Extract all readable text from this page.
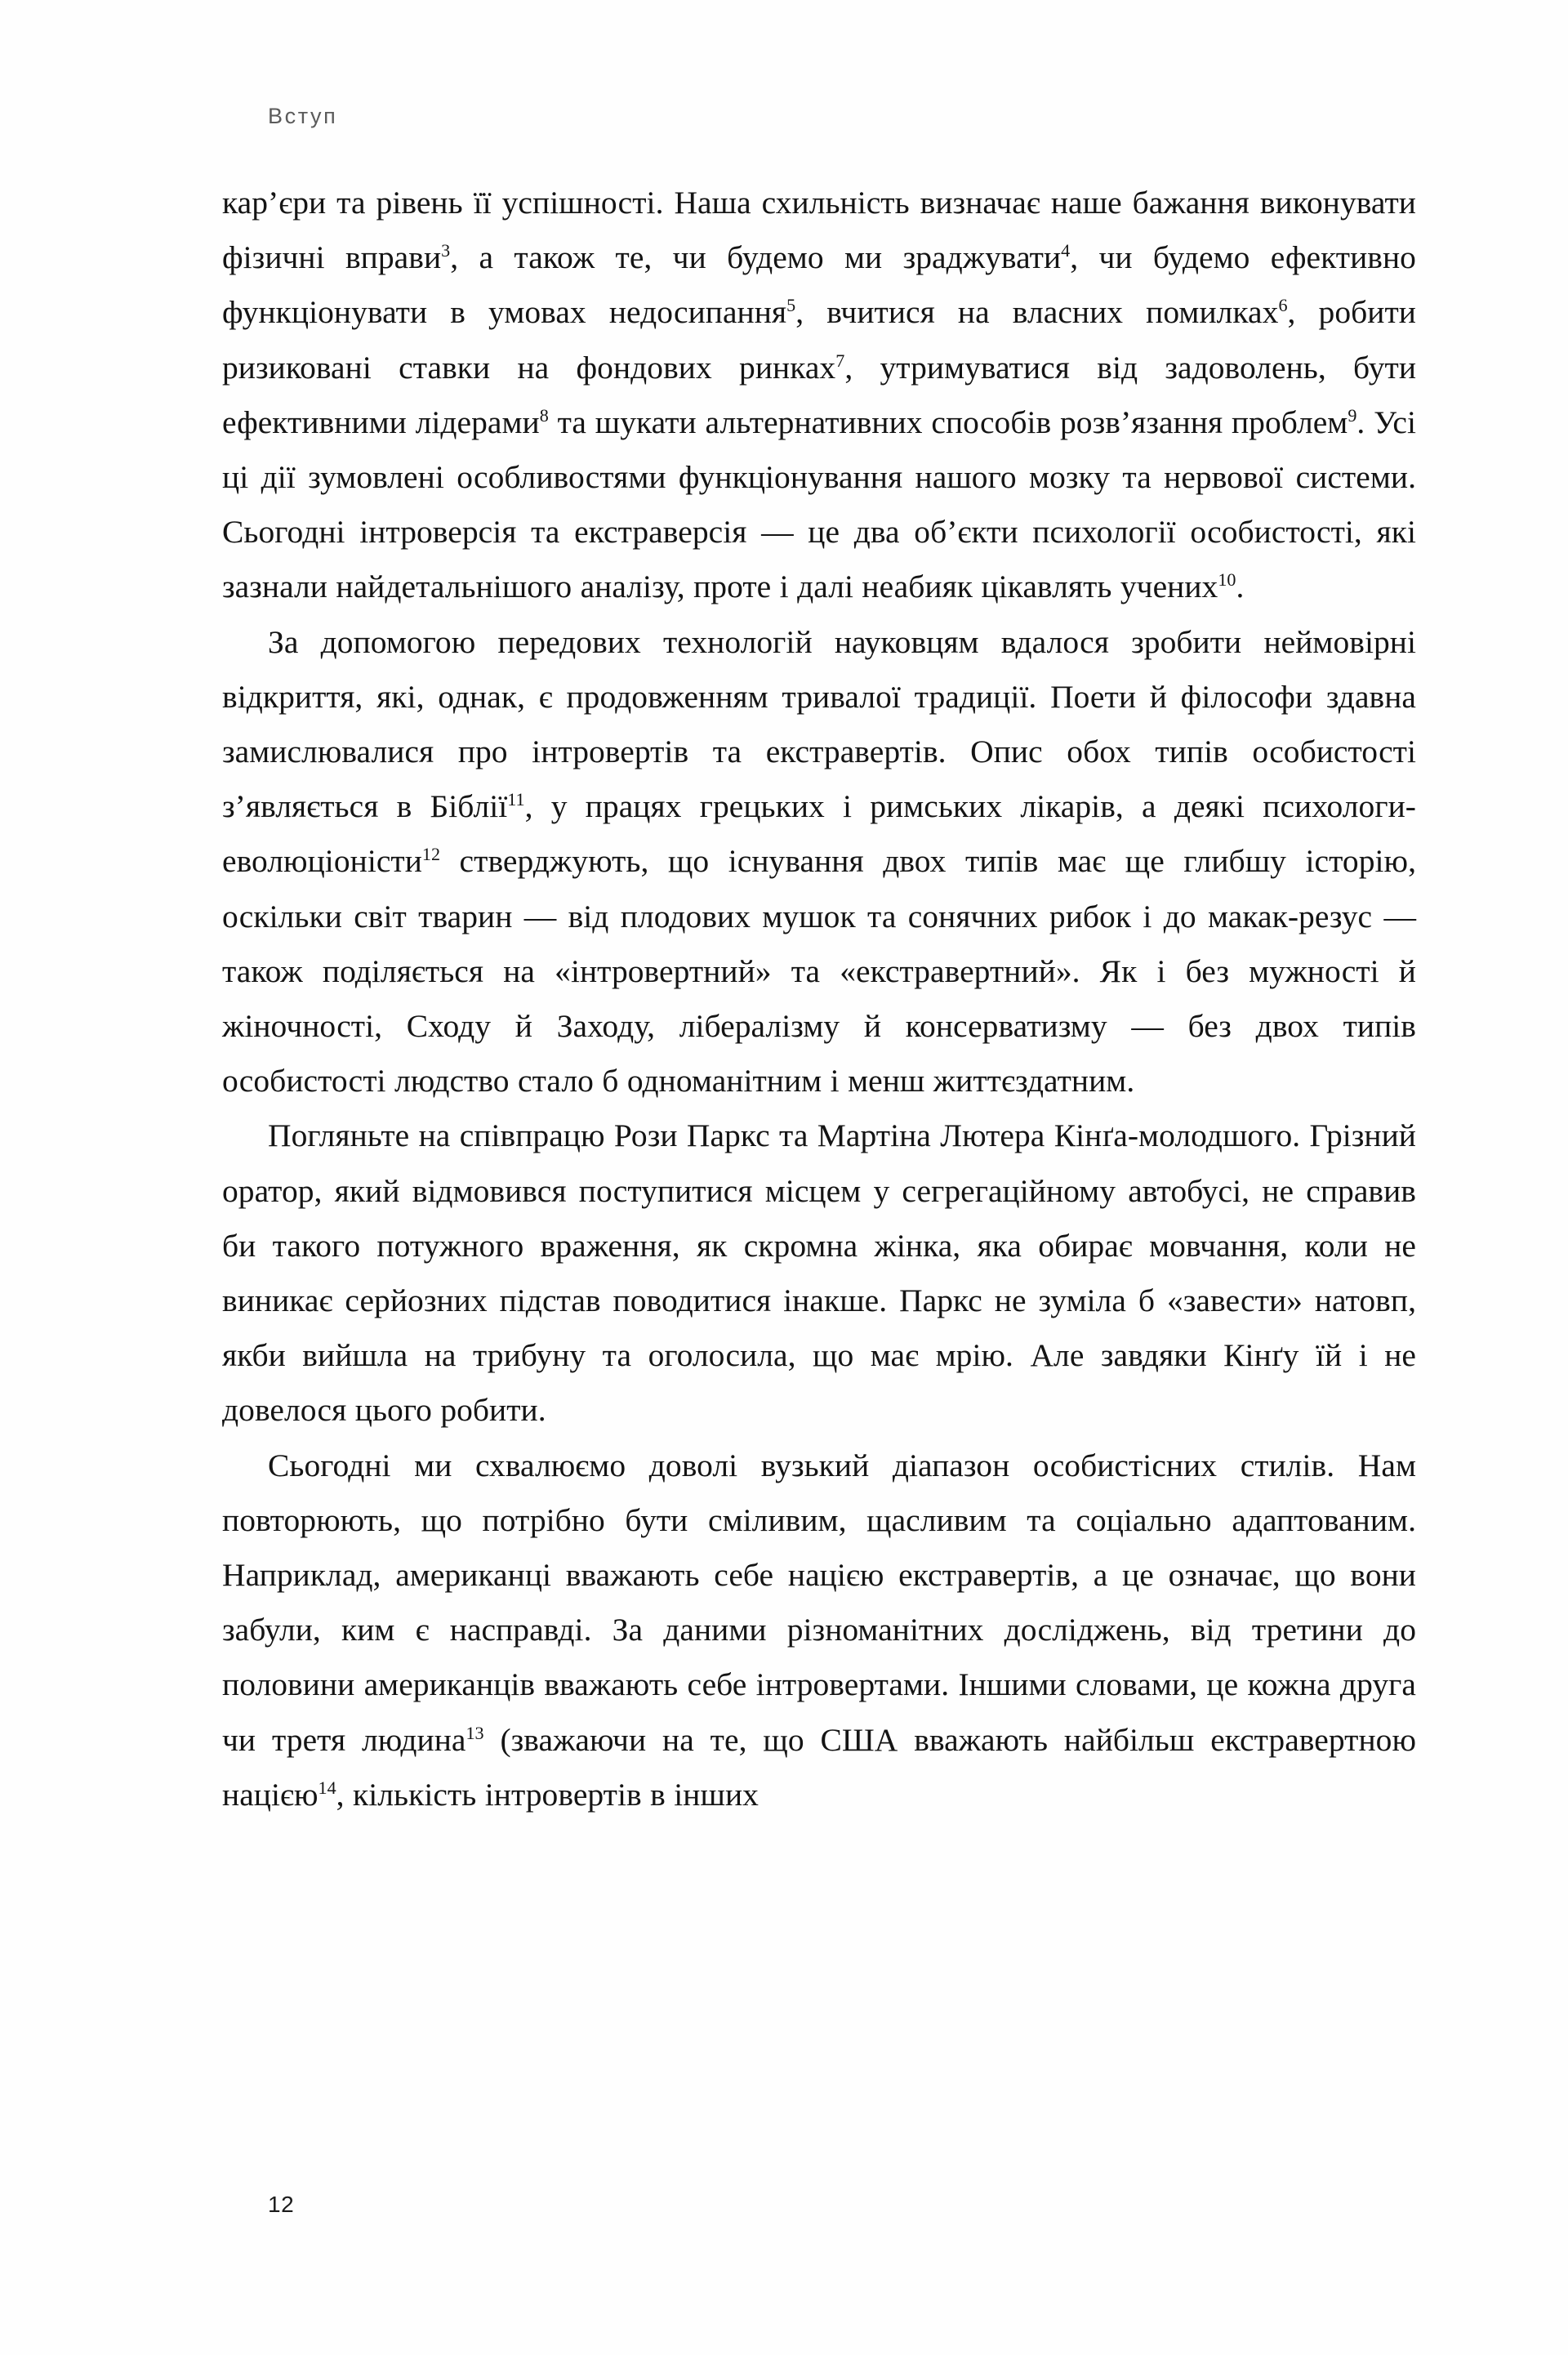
Вступ

кар’єри та рівень її успішності. Наша схильність визначає наше бажання виконувати фізичні вправи$^3$, а також те, чи будемо ми зраджувати$^4$, чи будемо ефективно функціонувати в умовах недосипання$^5$, вчитися на власних помилках$^6$, робити ризиковані ставки на фондових ринках$^7$, утримуватися від задоволень, бути ефективними лідерами$^8$ та шукати альтернативних способів розв’язання проблем$^9$. Усі ці дії зумовлені особливостями функціонування нашого мозку та нервової системи. Сьогодні інтроверсія та екстраверсія — це два об’єкти психології особистості, які зазнали найдетальнішого аналізу, проте і далі неабияк цікавлять учених$^{10}$.

За допомогою передових технологій науковцям вдалося зробити неймовірні відкриття, які, однак, є продовженням тривалої традиції. Поети й філософи здавна замислювалися про інтровертів та екстравертів. Опис обох типів особистості з’являється в Біблії$^{11}$, у працях грецьких і римських лікарів, а деякі психологи-еволюціоністи$^{12}$ стверджують, що існування двох типів має ще глибшу історію, оскільки світ тварин — від плодових мушок та сонячних рибок і до макак-резус — також поділяється на «інтровертний» та «екстравертний». Як і без мужності й жіночності, Сходу й Заходу, лібералізму й консерватизму — без двох типів особистості людство стало б одноманітним і менш життєздатним.

Погляньте на співпрацю Рози Паркс та Мартіна Лютера Кінґа-молодшого. Грізний оратор, який відмовився поступитися місцем у сегрегаційному автобусі, не справив би такого потужного враження, як скромна жінка, яка обирає мовчання, коли не виникає серйозних підстав поводитися інакше. Паркс не зуміла б «завести» натовп, якби вийшла на трибуну та оголосила, що має мрію. Але завдяки Кінґу їй і не довелося цього робити.

Сьогодні ми схвалюємо доволі вузький діапазон особистісних стилів. Нам повторюють, що потрібно бути сміливим, щасливим та соціально адаптованим. Наприклад, американці вважають себе нацією екстравертів, а це означає, що вони забули, ким є насправді. За даними різноманітних досліджень, від третини до половини американців вважають себе інтровертами. Іншими словами, це кожна друга чи третя людина$^{13}$ (зважаючи на те, що США вважають найбільш екстравертною нацією$^{14}$, кількість інтровертів в інших

12
